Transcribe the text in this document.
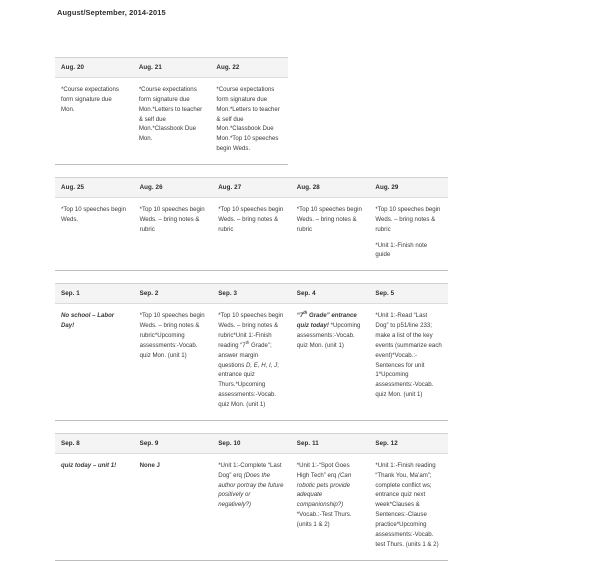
August/September, 2014-2015
Aug. 20	Aug. 21	Aug. 22

*Course expectations form signature due Mon.	*Course expectations form signature due Mon.*Letters to teacher & self due Mon.*Classbook Due Mon.	*Course expectations form signature due Mon.*Letters to teacher & self due Mon.*Classbook Due Mon.*Top 10 speeches begin Weds.

Aug. 25	Aug. 26	Aug. 27	Aug. 28	Aug. 29

*Top 10 speeches begin Weds.	*Top 10 speeches begin Weds. – bring notes & rubric	*Top 10 speeches begin Weds. – bring notes & rubric	*Top 10 speeches begin Weds. – bring notes & rubric	*Top 10 speeches begin Weds. – bring notes & rubric

*Unit 1:-Finish note guide

Sep. 1	Sep. 2	Sep. 3	Sep. 4	Sep. 5

No school – Labor Day!	*Top 10 speeches begin Weds. – bring notes & rubric*Upcoming assessments:-Vocab. quiz Mon. (unit 1)	*Top 10 speeches begin Weds. – bring notes & rubric*Unit 1:-Finish reading “7th Grade”; answer margin questions D, E, H, I, J; entrance quiz Thurs.*Upcoming assessments:-Vocab. quiz Mon. (unit 1)	“7th Grade” entrance quiz today! *Upcoming assessments:-Vocab. quiz Mon. (unit 1)	*Unit 1:-Read “Last Dog” to p51/line 233; make a list of the key events (summarize each event)*Vocab.:-Sentences for unit 1*Upcoming assessments:-Vocab. quiz Mon. (unit 1)

Sep. 8	Sep. 9	Sep. 10	Sep. 11	Sep. 12

quiz today – unit 1!	None J	*Unit 1:-Complete “Last Dog” erq (Does the author portray the future positively or negatively?)	*Unit 1:-“Spot Goes High Tech” erq (Can robotic pets provide adequate companionship?) *Vocab.:-Test Thurs. (units 1 & 2)	*Unit 1:-Finish reading “Thank You, Ma’am”; complete conflict ws; entrance quiz next week*Clauses & Sentences:-Clause practice*Upcoming assessments:-Vocab. test Thurs. (units 1 & 2)
